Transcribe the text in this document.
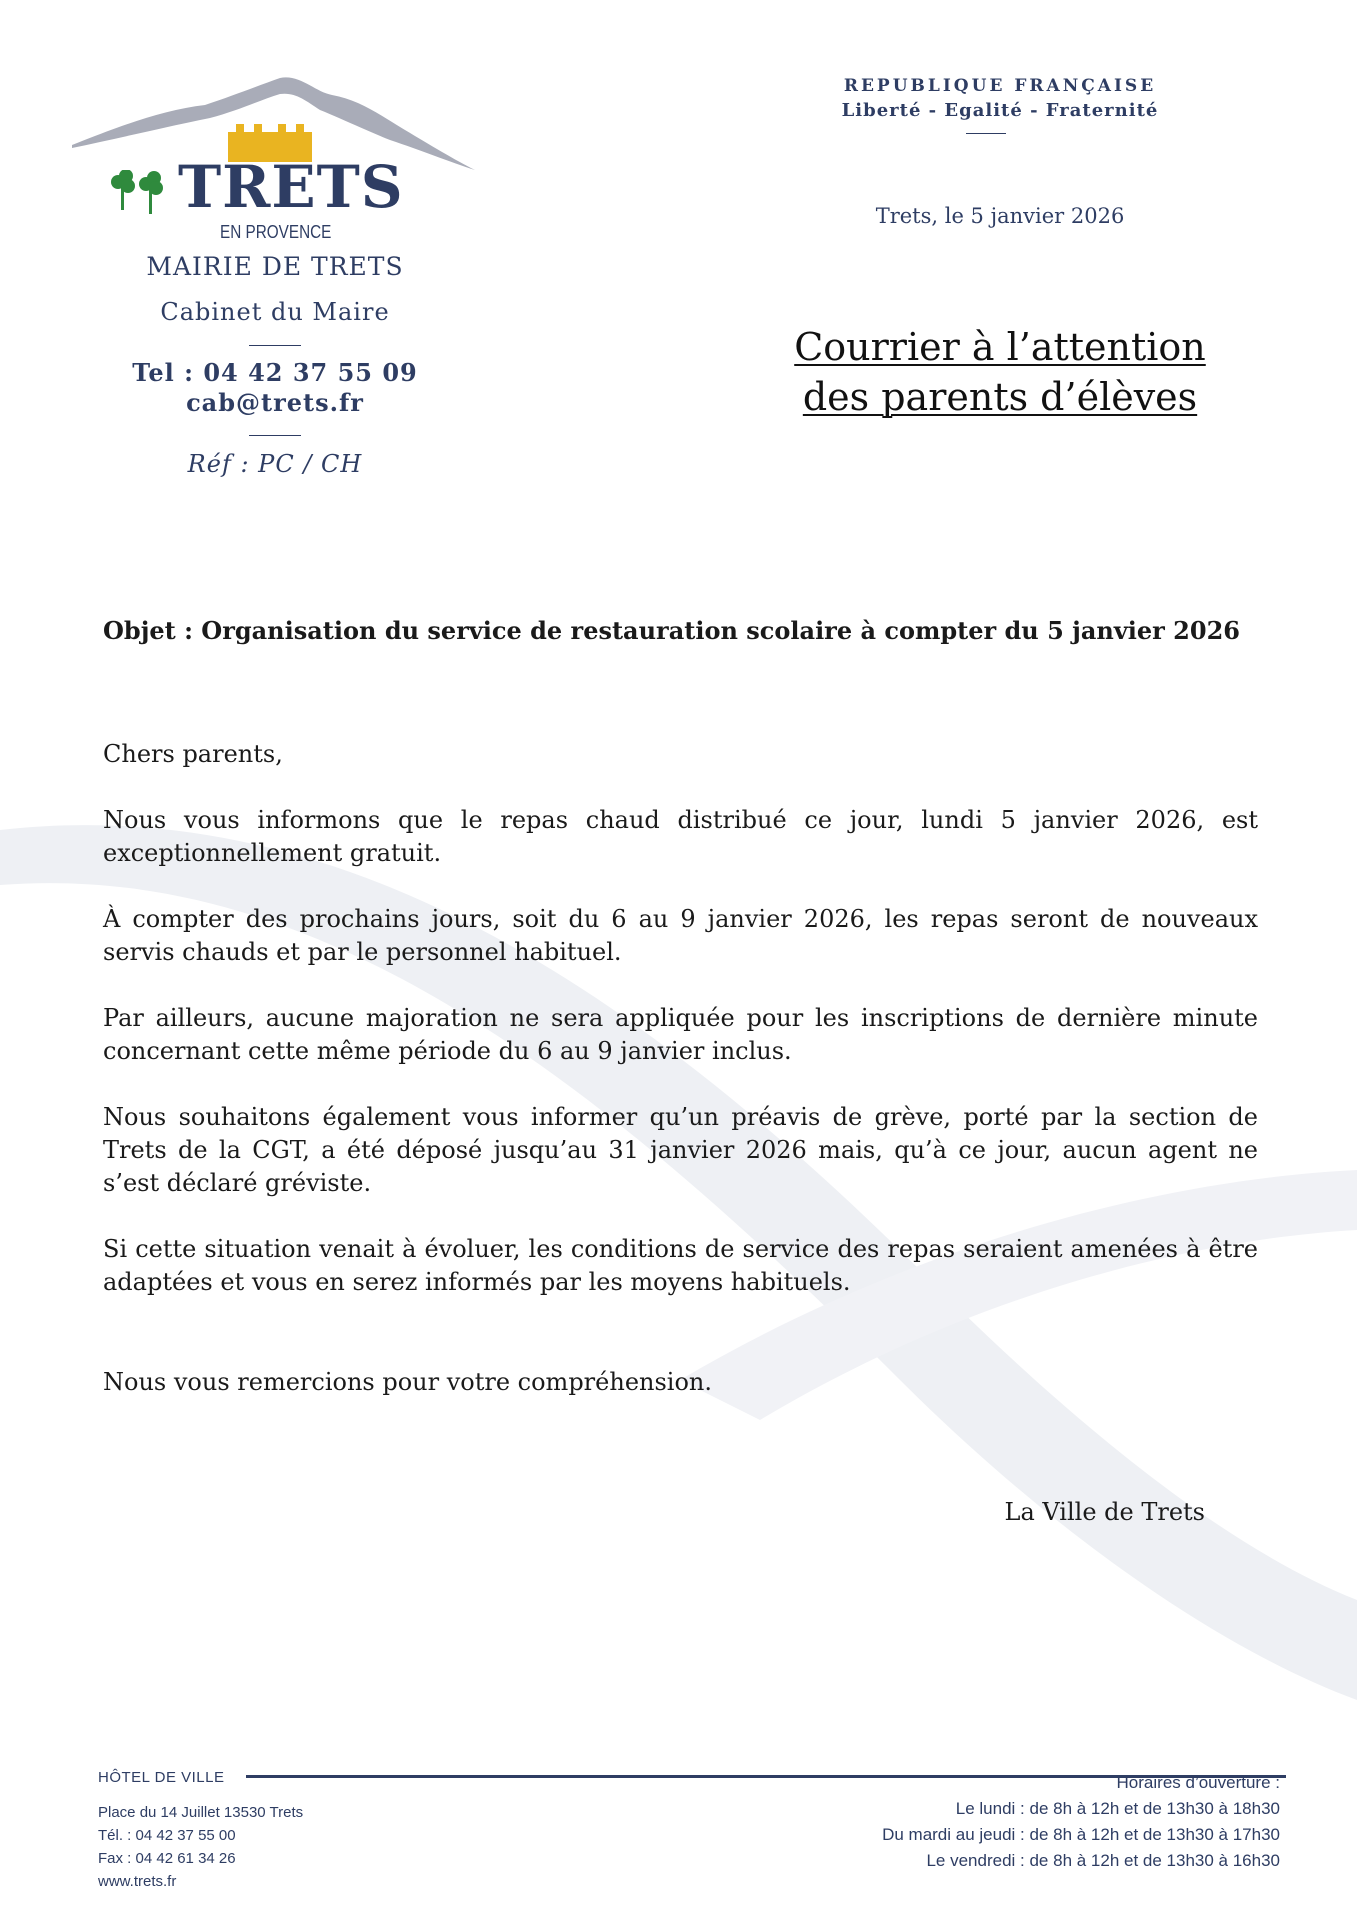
TRETS
EN PROVENCE
MAIRIE DE TRETS
Cabinet du Maire
Tel : 04 42 37 55 09
cab@trets.fr
Réf : PC / CH
REPUBLIQUE FRANÇAISE
Liberté - Egalité - Fraternité
Trets, le 5 janvier 2026
Courrier à l’attention
des parents d’élèves
Objet : Organisation du service de restauration scolaire à compter du 5 janvier 2026
Chers parents,
Nous vous informons que le repas chaud distribué ce jour, lundi 5 janvier 2026, est exceptionnellement gratuit.
À compter des prochains jours, soit du 6 au 9 janvier 2026, les repas seront de nouveaux servis chauds et par le personnel habituel.
Par ailleurs, aucune majoration ne sera appliquée pour les inscriptions de dernière minute concernant cette même période du 6 au 9 janvier inclus.
Nous souhaitons également vous informer qu’un préavis de grève, porté par la section de Trets de la CGT, a été déposé jusqu’au 31 janvier 2026 mais, qu’à ce jour, aucun agent ne s’est déclaré gréviste.
Si cette situation venait à évoluer, les conditions de service des repas seraient amenées à être adaptées et vous en serez informés par les moyens habituels.
Nous vous remercions pour votre compréhension.
La Ville de Trets
HÔTEL DE VILLE
Place du 14 Juillet 13530 Trets
Tél. : 04 42 37 55 00
Fax : 04 42 61 34 26
www.trets.fr
Horaires d’ouverture :
Le lundi : de 8h à 12h et de 13h30 à 18h30
Du mardi au jeudi : de 8h à 12h et de 13h30 à 17h30
Le vendredi : de 8h à 12h et de 13h30 à 16h30
